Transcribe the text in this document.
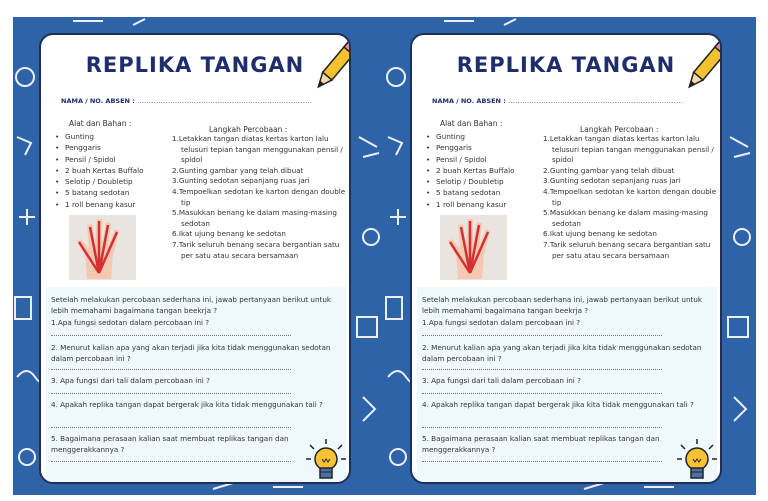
REPLIKA TANGAN
NAMA / NO. ABSEN : ..........................................................................
Alat dan Bahan :
• Gunting
• Penggaris
• Pensil / Spidol
• 2 buah Kertas Buffalo
• Selotip / Doubletip
• 5 batang sedotan
• 1 roll benang kasur
Langkah Percobaan :
1.Letakkan tangan diatas kertas karton lalu telusuri tepian tangan menggunakan pensil / spidol
2.Gunting gambar yang telah dibuat
3.Gunting sedotan sepanjang ruas jari
4.Tempoelkan sedotan ke karton dengan double tip
5.Masukkan benang ke dalam masing-masing sedotan
6.Ikat ujung benang ke sedotan
7.Tarik seluruh benang secara bergantian satu per satu atau secara bersamaan
Setelah melakukan percobaan sederhana ini, jawab pertanyaan berikut untuk lebih memahami bagaimana tangan beekrja ?
1.Apa fungsi sedotan dalam percobaan ini ?
2. Menurut kalian apa yang akan terjadi jika kita tidak menggunakan sedotan dalam percobaan ini ?
3. Apa fungsi dari tali dalam percobaan ini ?
4. Apakah replika tangan dapat bergerak jika kita tidak menggunakan tali ?
5. Bagaimana perasaan kalian saat membuat replikas tangan dan menggerakkannya ?
REPLIKA TANGAN
NAMA / NO. ABSEN : ..........................................................................
Alat dan Bahan :
• Gunting
• Penggaris
• Pensil / Spidol
• 2 buah Kertas Buffalo
• Selotip / Doubletip
• 5 batang sedotan
• 1 roll benang kasur
Langkah Percobaan :
1.Letakkan tangan diatas kertas karton lalu telusuri tepian tangan menggunakan pensil / spidol
2.Gunting gambar yang telah dibuat
3.Gunting sedotan sepanjang ruas jari
4.Tempoelkan sedotan ke karton dengan double tip
5.Masukkan benang ke dalam masing-masing sedotan
6.Ikat ujung benang ke sedotan
7.Tarik seluruh benang secara bergantian satu per satu atau secara bersamaan
Setelah melakukan percobaan sederhana ini, jawab pertanyaan berikut untuk lebih memahami bagaimana tangan beekrja ?
1.Apa fungsi sedotan dalam percobaan ini ?
2. Menurut kalian apa yang akan terjadi jika kita tidak menggunakan sedotan dalam percobaan ini ?
3. Apa fungsi dari tali dalam percobaan ini ?
4. Apakah replika tangan dapat bergerak jika kita tidak menggunakan tali ?
5. Bagaimana perasaan kalian saat membuat replikas tangan dan menggerakkannya ?
